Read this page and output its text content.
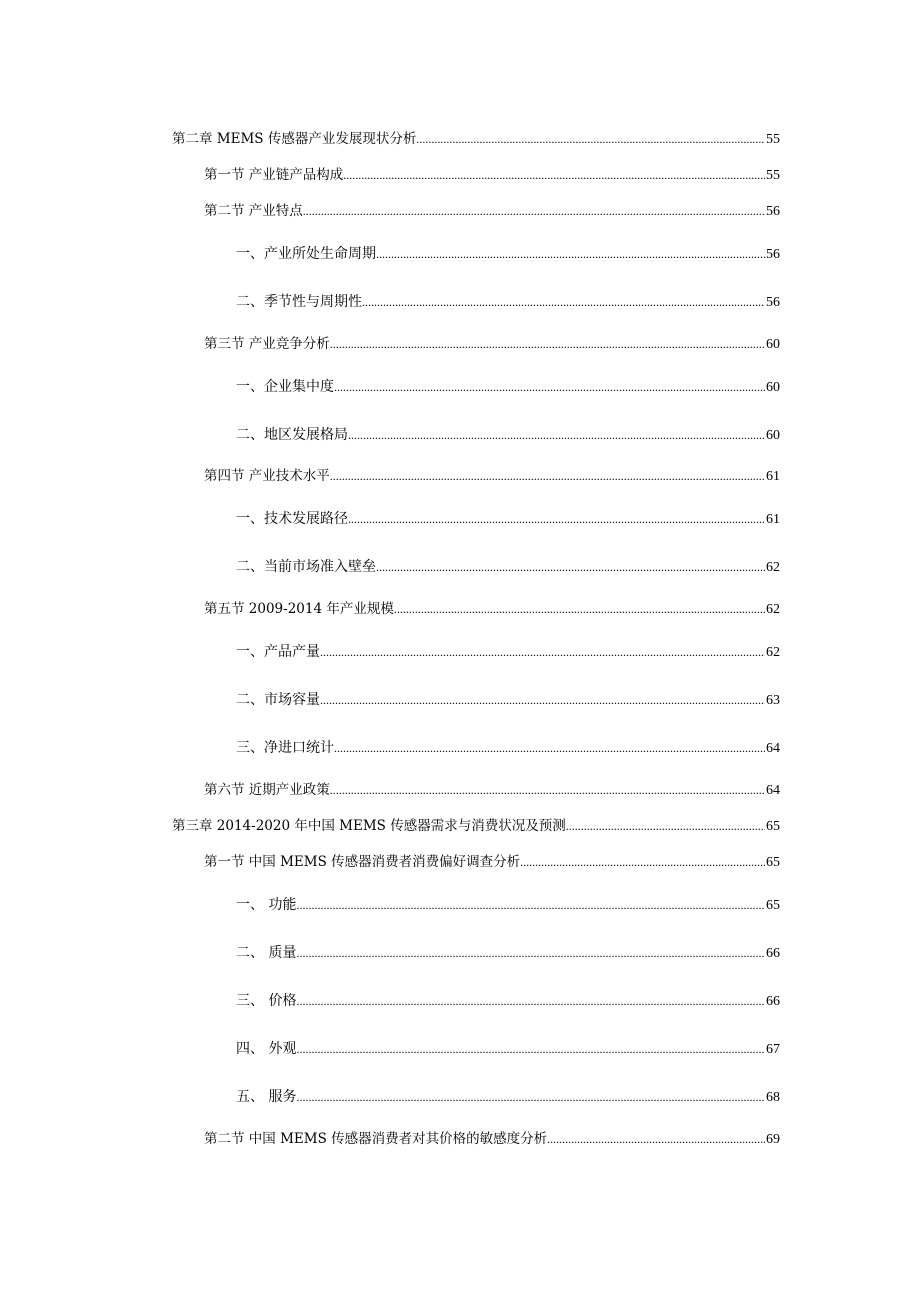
第二章 MEMS 传感器产业发展现状分析 .....	55
第一节 产业链产品构成 .....	55
第二节 产业特点 .....	56
一、产业所处生命周期 .....	56
二、季节性与周期性 .....	56
第三节 产业竞争分析 .....	60
一、企业集中度 .....	60
二、地区发展格局 .....	60
第四节 产业技术水平 .....	61
一、技术发展路径 .....	61
二、当前市场准入壁垒 .....	62
第五节 2009-2014 年产业规模 .....	62
一、产品产量 .....	62
二、市场容量 .....	63
三、净进口统计 .....	64
第六节 近期产业政策 .....	64
第三章 2014-2020 年中国 MEMS 传感器需求与消费状况及预测 .....	65
第一节 中国 MEMS 传感器消费者消费偏好调查分析 .....	65
一、 功能 .....	65
二、 质量 .....	66
三、 价格 .....	66
四、 外观 .....	67
五、 服务 .....	68
第二节 中国 MEMS 传感器消费者对其价格的敏感度分析 .....	69
